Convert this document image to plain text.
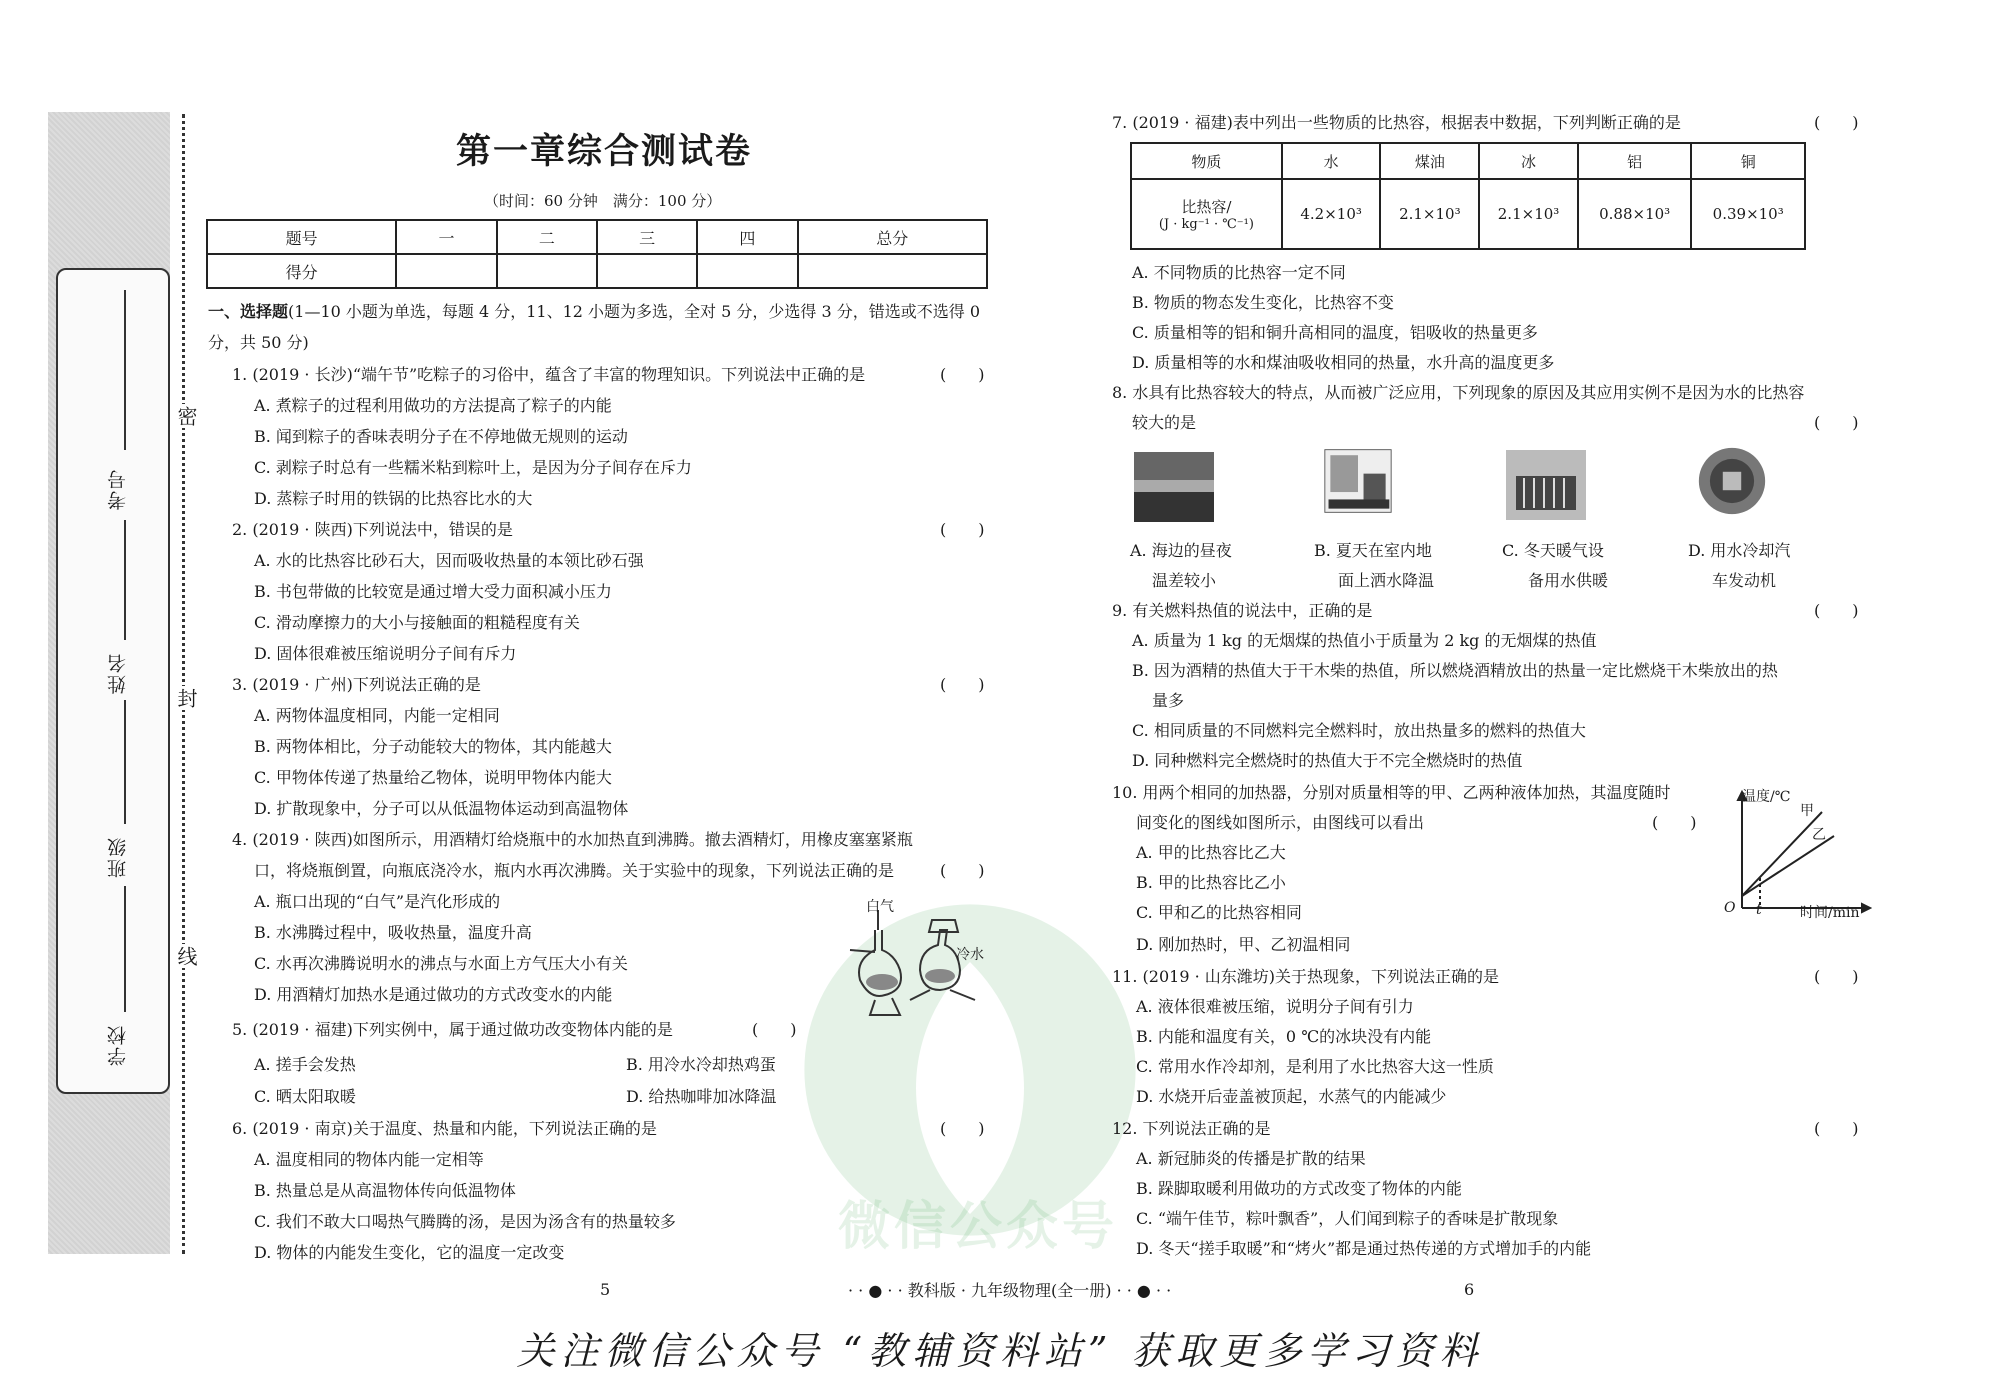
微信公众号
考号
姓名
班级
学校
密
封
线
第一章综合测试卷
（时间：60 分钟　满分：100 分）
题号	一	二	三	四	总分
得分					
一、选择题(1—10 小题为单选，每题 4 分，11、12 小题为多选，全对 5 分，少选得 3 分，错选或不选得 0 分，共 50 分)
1. (2019 · 长沙)“端午节”吃粽子的习俗中，蕴含了丰富的物理知识。下列说法中正确的是	(　　)
A. 煮粽子的过程利用做功的方法提高了粽子的内能
B. 闻到粽子的香味表明分子在不停地做无规则的运动
C. 剥粽子时总有一些糯米粘到粽叶上，是因为分子间存在斥力
D. 蒸粽子时用的铁锅的比热容比水的大
2. (2019 · 陕西)下列说法中，错误的是	(　　)
A. 水的比热容比砂石大，因而吸收热量的本领比砂石强
B. 书包带做的比较宽是通过增大受力面积减小压力
C. 滑动摩擦力的大小与接触面的粗糙程度有关
D. 固体很难被压缩说明分子间有斥力
3. (2019 · 广州)下列说法正确的是	(　　)
A. 两物体温度相同，内能一定相同
B. 两物体相比，分子动能较大的物体，其内能越大
C. 甲物体传递了热量给乙物体，说明甲物体内能大
D. 扩散现象中，分子可以从低温物体运动到高温物体
4. (2019 · 陕西)如图所示，用酒精灯给烧瓶中的水加热直到沸腾。撤去酒精灯，用橡皮塞塞紧瓶
口，将烧瓶倒置，向瓶底浇冷水，瓶内水再次沸腾。关于实验中的现象，下列说法正确的是	(　　)
A. 瓶口出现的“白气”是汽化形成的
B. 水沸腾过程中，吸收热量，温度升高
C. 水再次沸腾说明水的沸点与水面上方气压大小有关
D. 用酒精灯加热水是通过做功的方式改变水的内能
白气
冷水
5. (2019 · 福建)下列实例中，属于通过做功改变物体内能的是	(　　)
A. 搓手会发热	B. 用冷水冷却热鸡蛋
C. 晒太阳取暖	D. 给热咖啡加冰降温
6. (2019 · 南京)关于温度、热量和内能，下列说法正确的是	(　　)
A. 温度相同的物体内能一定相等
B. 热量总是从高温物体传向低温物体
C. 我们不敢大口喝热气腾腾的汤，是因为汤含有的热量较多
D. 物体的内能发生变化，它的温度一定改变
5
7. (2019 · 福建)表中列出一些物质的比热容，根据表中数据，下列判断正确的是	(　　)
物质	水	煤油	冰	铝	铜

比热容/
(J · kg⁻¹ · ℃⁻¹)	4.2×10³	2.1×10³	2.1×10³	0.88×10³	0.39×10³
A. 不同物质的比热容一定不同
B. 物质的物态发生变化，比热容不变
C. 质量相等的铝和铜升高相同的温度，铝吸收的热量更多
D. 质量相等的水和煤油吸收相同的热量，水升高的温度更多
8. 水具有比热容较大的特点，从而被广泛应用，下列现象的原因及其应用实例不是因为水的比热容
较大的是	(　　)
A. 海边的昼夜
温差较小
B. 夏天在室内地
面上洒水降温
C. 冬天暖气设
备用水供暖
D. 用水冷却汽
车发动机
9. 有关燃料热值的说法中，正确的是	(　　)
A. 质量为 1 kg 的无烟煤的热值小于质量为 2 kg 的无烟煤的热值
B. 因为酒精的热值大于干木柴的热值，所以燃烧酒精放出的热量一定比燃烧干木柴放出的热
量多
C. 相同质量的不同燃料完全燃料时，放出热量多的燃料的热值大
D. 同种燃料完全燃烧时的热值大于不完全燃烧时的热值
10. 用两个相同的加热器，分别对质量相等的甲、乙两种液体加热，其温度随时
间变化的图线如图所示，由图线可以看出	(　　)
A. 甲的比热容比乙大
B. 甲的比热容比乙小
C. 甲和乙的比热容相同
D. 刚加热时，甲、乙初温相同
温度/℃
时间/min
O t
甲
乙
11. (2019 · 山东潍坊)关于热现象，下列说法正确的是	(　　)
A. 液体很难被压缩，说明分子间有引力
B. 内能和温度有关，0 ℃的冰块没有内能
C. 常用水作冷却剂，是利用了水比热容大这一性质
D. 水烧开后壶盖被顶起，水蒸气的内能减少
12. 下列说法正确的是	(　　)
A. 新冠肺炎的传播是扩散的结果
B. 跺脚取暖利用做功的方式改变了物体的内能
C. “端午佳节，粽叶飘香”，人们闻到粽子的香味是扩散现象
D. 冬天“搓手取暖”和“烤火”都是通过热传递的方式增加手的内能
6
· · ● · · 教科版 · 九年级物理(全一册) · · ● · ·
关注微信公众号 “教辅资料站” 获取更多学习资料
